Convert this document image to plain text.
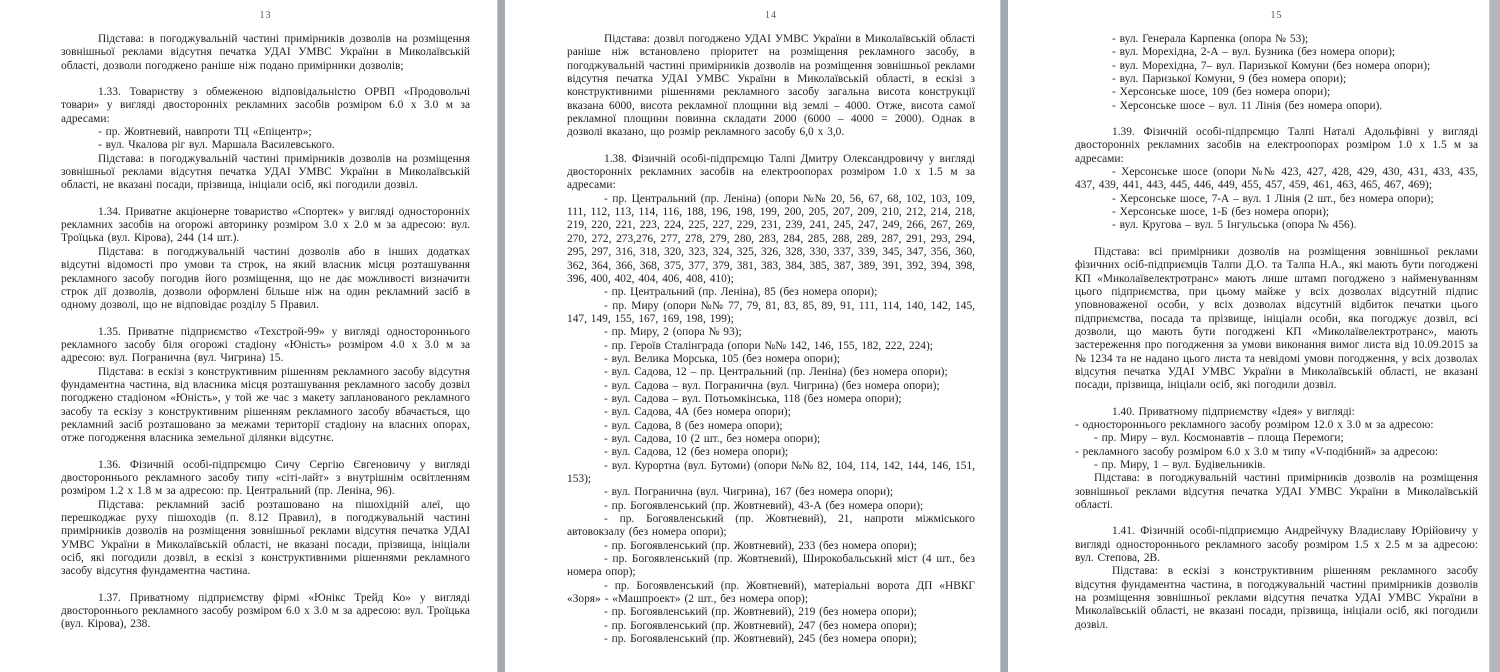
13

Підстава: в погоджувальній частині примірників дозволів на розміщення зовнішньої реклами відсутня печатка УДАІ УМВС України в Миколаївській області, дозволи погоджено раніше ніж подано примірники дозволів;

1.33. Товариству з обмеженою відповідальністю ОРВП «Продовольчі товари» у вигляді двосторонніх рекламних засобів розміром 6.0 х 3.0 м за адресами:

- пр. Жовтневий, навпроти ТЦ «Епіцентр»;

- вул. Чкалова ріг вул. Маршала Василевського.

Підстава: в погоджувальній частині примірників дозволів на розміщення зовнішньої реклами відсутня печатка УДАІ УМВС України в Миколаївській області, не вказані посади, прізвища, ініціали осіб, які погодили дозвіл.

1.34. Приватне акціонерне товариство «Спортек» у вигляді односторонніх рекламних засобів на огорожі авторинку розміром 3.0 х 2.0 м за адресою: вул. Троїцька (вул. Кірова), 244 (14 шт.).

Підстава: в погоджувальній частині дозволів або в інших додатках відсутні відомості про умови та строк, на який власник місця розташування рекламного засобу погодив його розміщення, що не дає можливості визначити строк дії дозволів, дозволи оформлені більше ніж на один рекламний засіб в одному дозволі, що не відповідає розділу 5 Правил.

1.35. Приватне підприємство «Техстрой-99» у вигляді одностороннього рекламного засобу біля огорожі стадіону «Юність» розміром 4.0 х 3.0 м за адресою: вул. Погранична (вул. Чигрина) 15.

Підстава: в ескізі з конструктивним рішенням рекламного засобу відсутня фундаментна частина, від власника місця розташування рекламного засобу дозвіл погоджено стадіоном «Юність», у той же час з макету запланованого рекламного засобу та ескізу з конструктивним рішенням рекламного засобу вбачається, що рекламний засіб розташовано за межами території стадіону на власних опорах, отже погодження власника земельної ділянки відсутнє.

1.36. Фізичній особі-підпрємцю Сичу Сергію Євгеновичу у вигляді двостороннього рекламного засобу типу «сіті-лайт» з внутрішнім освітленням розміром 1.2 х 1.8 м за адресою: пр. Центральний (пр. Леніна, 96).

Підстава: рекламний засіб розташовано на пішохідній алеї, що перешкоджає руху пішоходів (п. 8.12 Правил), в погоджувальній частині примірників дозволів на розміщення зовнішньої реклами відсутня печатка УДАІ УМВС України в Миколаївській області, не вказані посади, прізвища, ініціали осіб, які погодили дозвіл, в ескізі з конструктивними рішеннями рекламного засобу відсутня фундаментна частина.

1.37. Приватному підприємству фірмі «Юнікс Трейд Ко» у вигляді двостороннього рекламного засобу розміром 6.0 х 3.0 м за адресою: вул. Троїцька (вул. Кірова), 238.

14

Підстава: дозвіл погоджено УДАІ УМВС України в Миколаївській області раніше ніж встановлено пріоритет на розміщення рекламного засобу, в погоджувальній частині примірників дозволів на розміщення зовнішньої реклами відсутня печатка УДАІ УМВС України в Миколаївській області, в ескізі з конструктивними рішеннями рекламного засобу загальна висота конструкції вказана 6000, висота рекламної площини від землі – 4000. Отже, висота самої рекламної площини повинна складати 2000 (6000 – 4000 = 2000). Однак в дозволі вказано, що розмір рекламного засобу 6,0 х 3,0.

1.38. Фізичній особі-підпрємцю Талпі Дмитру Олександровичу у вигляді двосторонніх рекламних засобів на електроопорах розміром 1.0 х 1.5 м за адресами:

- пр. Центральний (пр. Леніна) (опори №№ 20, 56, 67, 68, 102, 103, 109, 111, 112, 113, 114, 116, 188, 196, 198, 199, 200, 205, 207, 209, 210, 212, 214, 218, 219, 220, 221, 223, 224, 225, 227, 229, 231, 239, 241, 245, 247, 249, 266, 267, 269, 270, 272, 273,276, 277, 278, 279, 280, 283, 284, 285, 288, 289, 287, 291, 293, 294, 295, 297, 316, 318, 320, 323, 324, 325, 326, 328, 330, 337, 339, 345, 347, 356, 360, 362, 364, 366, 368, 375, 377, 379, 381, 383, 384, 385, 387, 389, 391, 392, 394, 398, 396, 400, 402, 404, 406, 408, 410);

- пр. Центральний (пр. Леніна), 85 (без номера опори);

- пр. Миру (опори №№ 77, 79, 81, 83, 85, 89, 91, 111, 114, 140, 142, 145, 147, 149, 155, 167, 169, 198, 199);

- пр. Миру, 2 (опора № 93);

- пр. Героїв Сталінграда (опори №№ 142, 146, 155, 182, 222, 224);

- вул. Велика Морська, 105 (без номера опори);

- вул. Садова, 12 – пр. Центральний (пр. Леніна) (без номера опори);

- вул. Садова – вул. Погранична (вул. Чигрина) (без номера опори);

- вул. Садова – вул. Потьомкінська, 118 (без номера опори);

- вул. Садова, 4А (без номера опори);

- вул. Садова, 8 (без номера опори);

- вул. Садова, 10 (2 шт., без номера опори);

- вул. Садова, 12 (без номера опори);

- вул. Курортна (вул. Бутоми) (опори №№ 82, 104, 114, 142, 144, 146, 151, 153);

- вул. Погранична (вул. Чигрина), 167 (без номера опори);

- пр. Богоявленський (пр. Жовтневий), 43-А (без номера опори);

- пр. Богоявленський (пр. Жовтневий), 21, напроти міжміського автовокзалу (без номера опори);

- пр. Богоявленський (пр. Жовтневий), 233 (без номера опори);

- пр. Богоявленський (пр. Жовтневий), Широкобальський міст (4 шт., без номера опор);

- пр. Богоявленський (пр. Жовтневий), матеріальні ворота ДП «НВКГ «Зоря» - «Машпроект» (2 шт., без номера опор);

- пр. Богоявленський (пр. Жовтневий), 219 (без номера опори);

- пр. Богоявленський (пр. Жовтневий), 247 (без номера опори);

- пр. Богоявленський (пр. Жовтневий), 245 (без номера опори);

15

- вул. Генерала Карпенка (опора № 53);

- вул. Морехідна, 2-А – вул. Бузника (без номера опори);

- вул. Морехідна, 7– вул. Паризької Комуни (без номера опори);

- вул. Паризької Комуни, 9 (без номера опори);

- Херсонське шосе, 109 (без номера опори);

- Херсонське шосе – вул. 11 Лінія (без номера опори).

1.39. Фізичній особі-підпрємцю Талпі Наталі Адольфівні у вигляді двосторонніх рекламних засобів на електроопорах розміром 1.0 х 1.5 м за адресами:

- Херсонське шосе (опори №№ 423, 427, 428, 429, 430, 431, 433, 435, 437, 439, 441, 443, 445, 446, 449, 455, 457, 459, 461, 463, 465, 467, 469);

- Херсонське шосе, 7-А – вул. 1 Лінія (2 шт., без номера опори);

- Херсонське шосе, 1-Б (без номера опори);

- вул. Кругова – вул. 5 Інгульська (опора № 456).

Підстава: всі примірники дозволів на розміщення зовнішньої реклами фізичних осіб-підприємців Талпи Д.О. та Талпа Н.А., які мають бути погоджені КП «Миколаївелектротранс» мають лише штамп погоджено з найменуванням цього підприємства, при цьому майже у всіх дозволах відсутній підпис уповноваженої особи, у всіх дозволах відсутній відбиток печатки цього підприємства, посада та прізвище, ініціали особи, яка погоджує дозвіл, всі дозволи, що мають бути погоджені КП «Миколаївелектротранс», мають застереження про погодження за умови виконання вимог листа від 10.09.2015 за № 1234 та не надано цього листа та невідомі умови погодження, у всіх дозволах відсутня печатка УДАІ УМВС України в Миколаївській області, не вказані посади, прізвища, ініціали осіб, які погодили дозвіл.

1.40. Приватному підприємству «Ідея» у вигляді:

- одностороннього рекламного засобу розміром 12.0 х 3.0 м за адресою:

- пр. Миру – вул. Космонавтів – площа Перемоги;

- рекламного засобу розміром 6.0 х 3.0 м типу «V-подібний» за адресою:

- пр. Миру, 1 – вул. Будівельників.

Підстава: в погоджувальній частині примірників дозволів на розміщення зовнішньої реклами відсутня печатка УДАІ УМВС України в Миколаївській області.

1.41. Фізичній особі-підприємцю Андрейчуку Владиславу Юрійовичу у вигляді одностороннього рекламного засобу розміром 1.5 х 2.5 м за адресою: вул. Степова, 2В.

Підстава: в ескізі з конструктивним рішенням рекламного засобу відсутня фундаментна частина, в погоджувальній частині примірників дозволів на розміщення зовнішньої реклами відсутня печатка УДАІ УМВС України в Миколаївській області, не вказані посади, прізвища, ініціали осіб, які погодили дозвіл.
